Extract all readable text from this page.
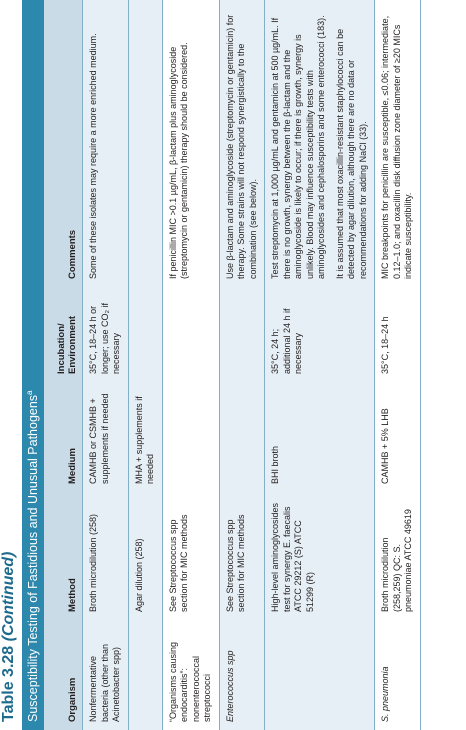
Table 3.28 (Continued) Susceptibility Testing of Fastidious and Unusual Pathogens$^a$
Organism	Method	Medium	Incubation/ Environment	Comments
Nonfermentative bacteria (other than Acinetobacter spp)	Broth microdilution (258)	CAMHB or CSMHB + supplements if needed	35°C, 18–24 h or longer; use CO₂ if necessary	Some of these isolates may require a more enriched medium.
	Agar dilution (258)	MHA + supplements if needed		
“Organisms causing endocarditis”: nonenterococcal streptococci	See Streptococcus spp section for MIC methods			If penicillin MIC >0.1 µg/mL, β-lactam plus aminoglycoside (streptomycin or gentamicin) therapy should be considered.
Enterococcus spp	See Streptococcus spp section for MIC methods			Use β-lactam and aminoglycoside (streptomycin or gentamicin) for therapy. Some strains will not respond synergistically to the combination (see below).
	High-level aminoglycosides test for synergy E. faecalis ATCC 29212 (S) ATCC 51299 (R)	BHI broth	35°C, 24 h; additional 24 h if necessary	Test streptomycin at 1,000 µg/mL and gentamicin at 500 µg/mL. If there is no growth, synergy between the β-lactam and the aminoglycoside is likely to occur; if there is growth, synergy is unlikely. Blood may influence susceptibility tests with aminoglycosides and cephalosporins and some enterococci (183). It is assumed that most oxacillin-resistant staphylococci can be detected by agar dilution, although there are no data or recommendations for adding NaCl (33).

S. pneumonia	Broth microdilution (258,259) QC: S. pneumoniae ATCC 49619	CAMHB + 5% LHB	35°C, 18–24 h	MIC breakpoints for penicillin are susceptible, ≤0.06; intermediate, 0.12–1.0; and oxacillin disk diffusion zone diameter of ≥20 MICs indicate susceptibility.
